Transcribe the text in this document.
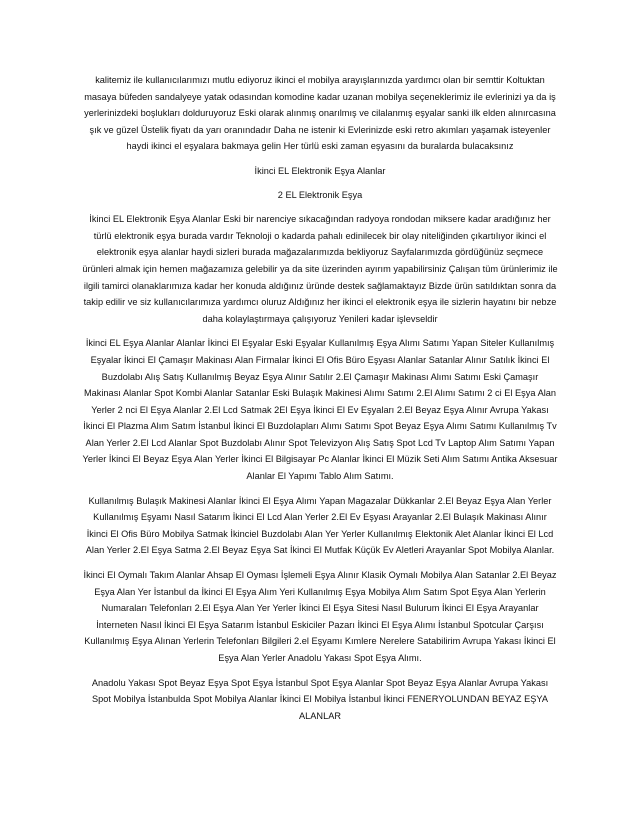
kalitemiz ile kullanıcılarımızı mutlu ediyoruz ikinci el mobilya arayışlarınızda yardımcı olan bir semttir Koltuktan masaya büfeden sandalyeye yatak odasından komodine kadar uzanan mobilya seçeneklerimiz ile evlerinizi ya da iş yerlerinizdeki boşlukları dolduruyoruz Eski olarak alınmış onarılmış ve cilalanmış eşyalar sanki ilk elden alınırcasına şık ve güzel Üstelik fiyatı da yarı oranındadır Daha ne istenir ki Evlerinizde eski retro akımları yaşamak isteyenler haydi ikinci el eşyalara bakmaya gelin Her türlü eski zaman eşyasını da buralarda bulacaksınız

İkinci EL Elektronik Eşya Alanlar

2 EL Elektronik Eşya

İkinci EL Elektronik Eşya Alanlar Eski bir narenciye sıkacağından radyoya rondodan miksere kadar aradığınız her türlü elektronik eşya burada vardır Teknoloji o kadarda pahalı edinilecek bir olay niteliğinden çıkartılıyor ikinci el elektronik eşya alanlar haydi sizleri burada mağazalarımızda bekliyoruz Sayfalarımızda gördüğünüz seçmece ürünleri almak için hemen mağazamıza gelebilir ya da site üzerinden ayırım yapabilirsiniz Çalışan tüm ürünlerimiz ile ilgili tamirci olanaklarımıza kadar her konuda aldığınız üründe destek sağlamaktayız Bizde ürün satıldıktan sonra da takip edilir ve siz kullanıcılarımıza yardımcı oluruz Aldığınız her ikinci el elektronik eşya ile sizlerin hayatını bir nebze daha kolaylaştırmaya çalışıyoruz Yenileri kadar işlevseldir

İkinci EL Eşya Alanlar Alanlar İkinci El Eşyalar Eski Eşyalar Kullanılmış Eşya Alımı Satımı Yapan Siteler Kullanılmış Eşyalar İkinci El Çamaşır Makinası Alan Firmalar İkinci El Ofis Büro Eşyası Alanlar Satanlar Alınır Satılık İkinci El Buzdolabı Alış Satış Kullanılmış Beyaz Eşya Alınır Satılır 2.El Çamaşır Makinası Alımı Satımı Eski Çamaşır Makinası Alanlar Spot Kombi Alanlar Satanlar Eski Bulaşık Makinesi Alımı Satımı 2.El Alımı Satımı 2 ci El Eşya Alan Yerler 2 nci El Eşya Alanlar 2.El Lcd Satmak 2El Eşya İkinci El Ev Eşyaları 2.El Beyaz Eşya Alınır Avrupa Yakası İkinci El Plazma Alım Satım İstanbul İkinci El Buzdolapları Alımı Satımı Spot Beyaz Eşya Alımı Satımı Kullanılmış Tv Alan Yerler 2.El Lcd Alanlar Spot Buzdolabı Alınır Spot Televizyon Alış Satış Spot Lcd Tv Laptop Alım Satımı Yapan Yerler İkinci El Beyaz Eşya Alan Yerler İkinci El Bilgisayar Pc Alanlar İkinci El Müzik Seti Alım Satımı Antika Aksesuar Alanlar El Yapımı Tablo Alım Satımı.

Kullanılmış Bulaşık Makinesi Alanlar İkinci El Eşya Alımı Yapan Magazalar Dükkanlar 2.El Beyaz Eşya Alan Yerler Kullanılmış Eşyamı Nasıl Satarım İkinci El Lcd Alan Yerler 2.El Ev Eşyası Arayanlar 2.El Bulaşık Makinası Alınır İkinci El Ofis Büro Mobilya Satmak İkinciel Buzdolabı Alan Yer Yerler Kullanılmış Elektonik Alet Alanlar İkinci El Lcd Alan Yerler 2.El Eşya Satma 2.El Beyaz Eşya Sat İkinci El Mutfak Küçük Ev Aletleri Arayanlar Spot Mobilya Alanlar.

İkinci El Oymalı Takım Alanlar Ahsap El Oyması İşlemeli Eşya Alınır Klasik Oymalı Mobilya Alan Satanlar 2.El Beyaz Eşya Alan Yer İstanbul da İkinci El Eşya Alım Yeri Kullanılmış Eşya Mobilya Alım Satım Spot Eşya Alan Yerlerin Numaraları Telefonları 2.El Eşya Alan Yer Yerler İkinci El Eşya Sitesi Nasıl Bulurum İkinci El Eşya Arayanlar İnterneten Nasıl İkinci El Eşya Satarım İstanbul Eskiciler Pazarı İkinci El Eşya Alımı İstanbul Spotcular Çarşısı Kullanılmış Eşya Alınan Yerlerin Telefonları Bilgileri 2.el Eşyamı Kımlere Nerelere Satabilirim Avrupa Yakası İkinci El Eşya Alan Yerler Anadolu Yakası Spot Eşya Alımı.

Anadolu Yakası Spot Beyaz Eşya Spot Eşya İstanbul Spot Eşya Alanlar Spot Beyaz Eşya Alanlar Avrupa Yakası Spot Mobilya İstanbulda Spot Mobilya Alanlar İkinci El Mobilya İstanbul İkinci FENERYOLUNDAN BEYAZ EŞYA ALANLAR
